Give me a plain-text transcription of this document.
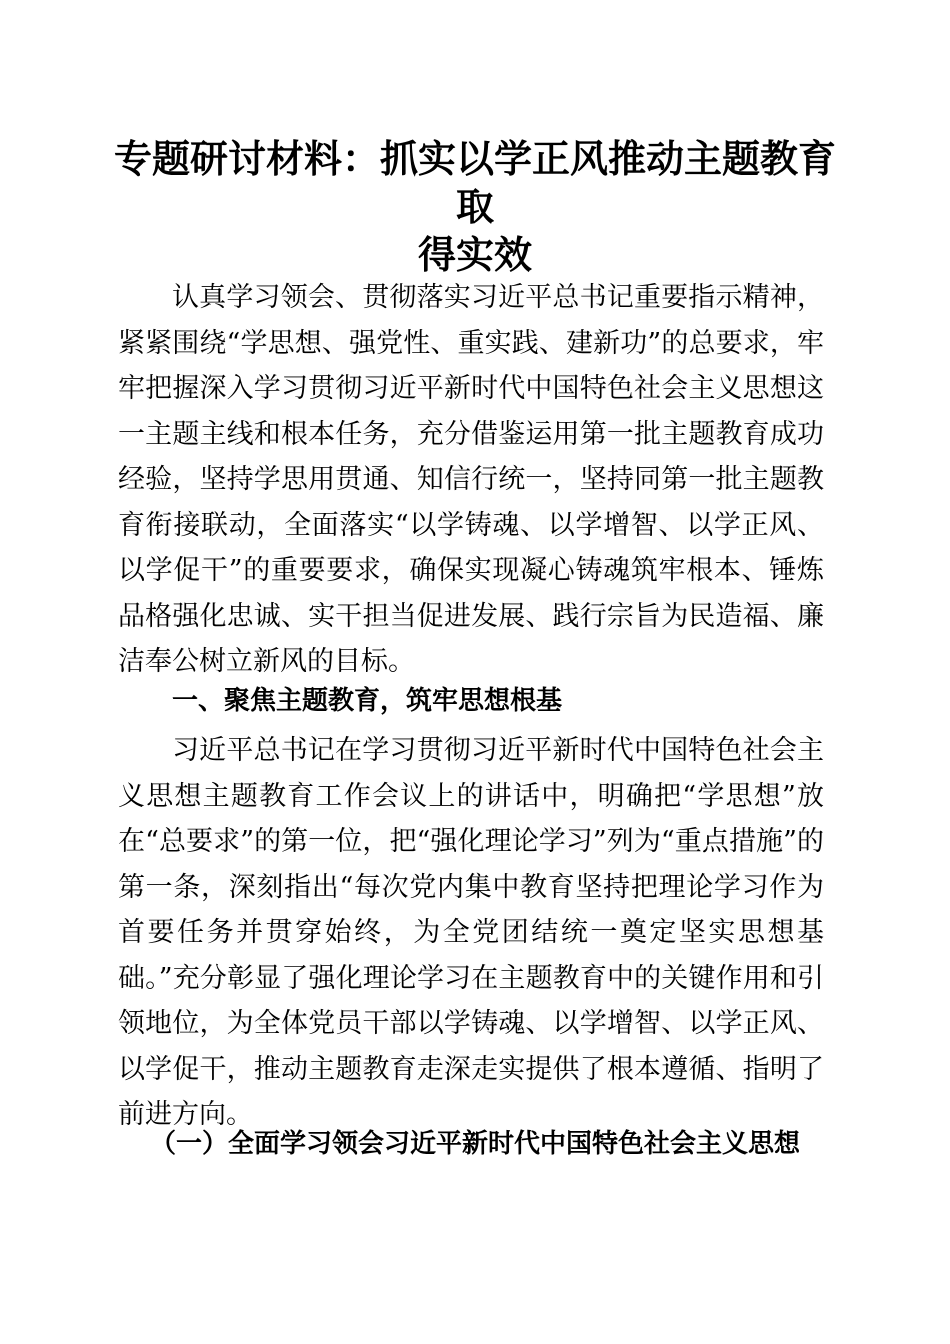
专题研讨材料：抓实以学正风推动主题教育取
得实效

认真学习领会、贯彻落实习近平总书记重要指示精神，紧紧围绕“学思想、强党性、重实践、建新功”的总要求，牢牢把握深入学习贯彻习近平新时代中国特色社会主义思想这一主题主线和根本任务，充分借鉴运用第一批主题教育成功经验，坚持学思用贯通、知信行统一，坚持同第一批主题教育衔接联动，全面落实“以学铸魂、以学增智、以学正风、以学促干”的重要要求，确保实现凝心铸魂筑牢根本、锤炼品格强化忠诚、实干担当促进发展、践行宗旨为民造福、廉洁奉公树立新风的目标。

一、聚焦主题教育，筑牢思想根基

习近平总书记在学习贯彻习近平新时代中国特色社会主义思想主题教育工作会议上的讲话中，明确把“学思想”放在“总要求”的第一位，把“强化理论学习”列为“重点措施”的第一条，深刻指出“每次党内集中教育坚持把理论学习作为首要任务并贯穿始终，为全党团结统一奠定坚实思想基础。”充分彰显了强化理论学习在主题教育中的关键作用和引领地位，为全体党员干部以学铸魂、以学增智、以学正风、以学促干，推动主题教育走深走实提供了根本遵循、指明了前进方向。

（一）全面学习领会习近平新时代中国特色社会主义思想
